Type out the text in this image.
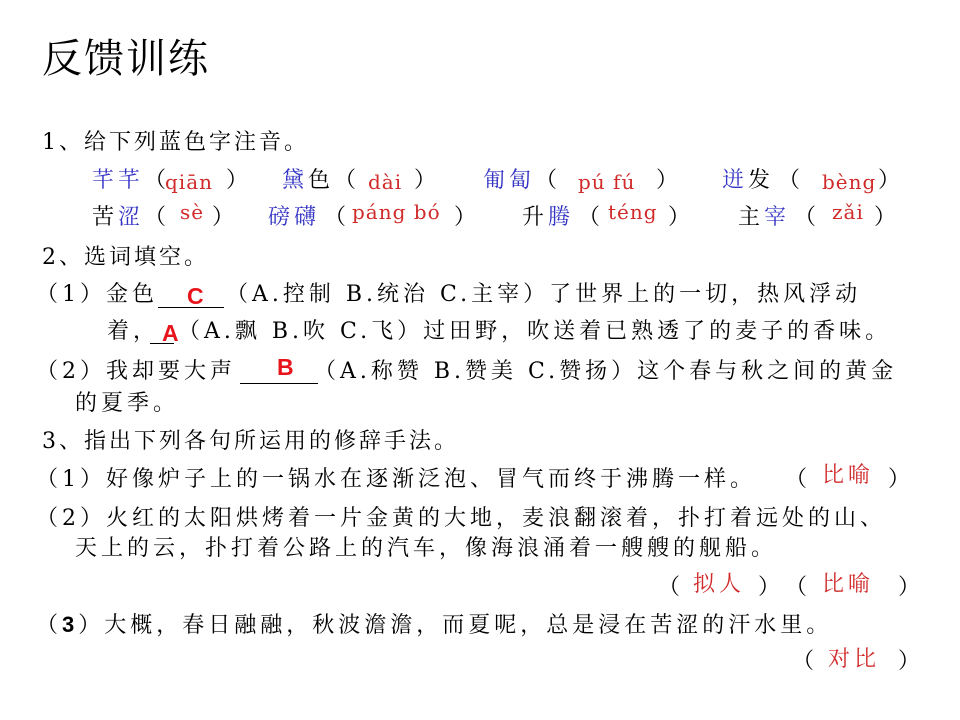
反馈训练
1、给下列蓝色字注音。
芊芊 （
qiān ） 黛色 （ dài ） 匍匐 （ pú fú ） 迸发 （ bèng ）
苦涩 （ sè ） 磅礴 （ páng bó ） 升腾 （ téng ） 主宰 （ zǎi ）
2、选词填空。
（1）金色 C （A.控制 B.统治 C.主宰）了世界上的一切，热风浮动
着， A （A.飘 B.吹 C.飞）过田野，吹送着已熟透了的麦子的香味。
（2）我却要大声 B （A.称赞 B.赞美 C.赞扬）这个春与秋之间的黄金
的夏季。
3、指出下列各句所运用的修辞手法。
（1）好像炉子上的一锅水在逐渐泛泡、冒气而终于沸腾一样。 （ 比喻 ）
（2）火红的太阳烘烤着一片金黄的大地，麦浪翻滚着，扑打着远处的山、
天上的云，扑打着公路上的汽车，像海浪涌着一艘艘的舰船。
（ 拟人 ） （ 比喻 ）
（3）大概，春日融融，秋波澹澹，而夏呢，总是浸在苦涩的汗水里。
（ 对比 ）
